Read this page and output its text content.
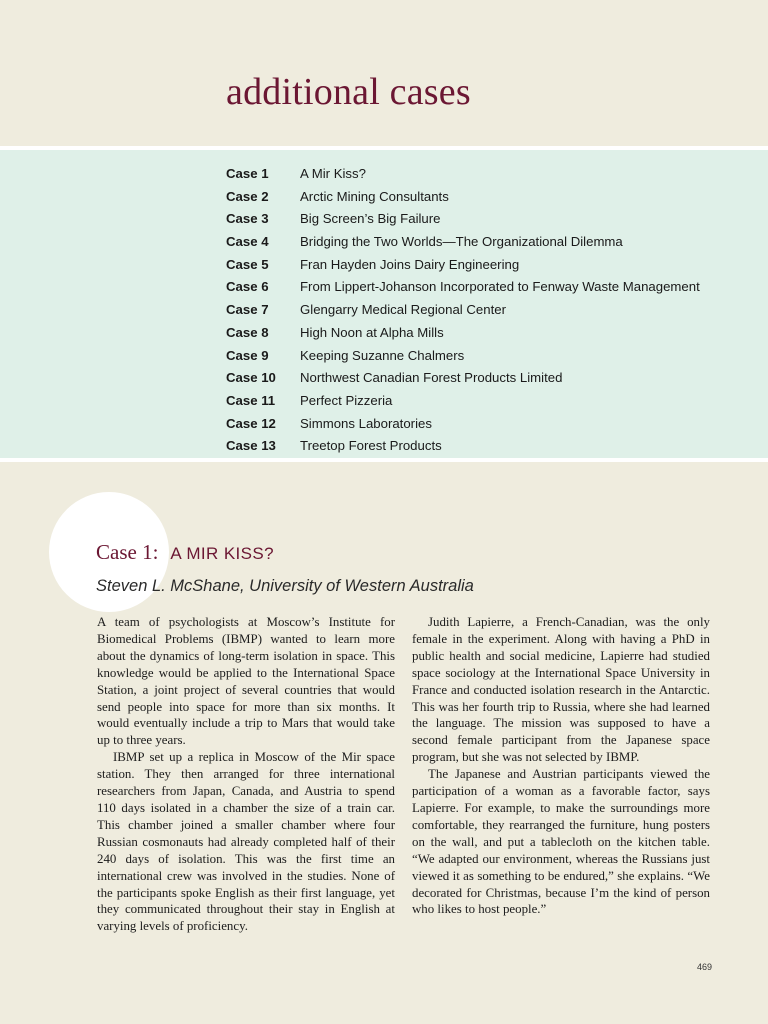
additional cases
Case 1 A Mir Kiss?
Case 2 Arctic Mining Consultants
Case 3 Big Screen’s Big Failure
Case 4 Bridging the Two Worlds—The Organizational Dilemma
Case 5 Fran Hayden Joins Dairy Engineering
Case 6 From Lippert-Johanson Incorporated to Fenway Waste Management
Case 7 Glengarry Medical Regional Center
Case 8 High Noon at Alpha Mills
Case 9 Keeping Suzanne Chalmers
Case 10 Northwest Canadian Forest Products Limited
Case 11 Perfect Pizzeria
Case 12 Simmons Laboratories
Case 13 Treetop Forest Products
Case 1: A MIR KISS?

Steven L. McShane, University of Western Australia

A team of psychologists at Moscow’s Institute for Biomedical Problems (IBMP) wanted to learn more about the dynamics of long-term isolation in space. This knowledge would be applied to the International Space Station, a joint project of several countries that would send people into space for more than six months. It would eventually include a trip to Mars that would take up to three years.

IBMP set up a replica in Moscow of the Mir space station. They then arranged for three international researchers from Japan, Canada, and Austria to spend 110 days isolated in a chamber the size of a train car. This chamber joined a smaller chamber where four Russian cosmonauts had already completed half of their 240 days of isolation. This was the first time an international crew was involved in the studies. None of the participants spoke English as their first language, yet they communicated throughout their stay in English at varying levels of proficiency.

Judith Lapierre, a French-Canadian, was the only female in the experiment. Along with having a PhD in public health and social medicine, Lapierre had studied space sociology at the International Space University in France and conducted isolation research in the Antarctic. This was her fourth trip to Russia, where she had learned the language. The mission was supposed to have a second female participant from the Japanese space program, but she was not selected by IBMP.

The Japanese and Austrian participants viewed the participation of a woman as a favorable factor, says Lapierre. For example, to make the surroundings more comfortable, they rearranged the furniture, hung posters on the wall, and put a tablecloth on the kitchen table. “We adapted our environment, whereas the Russians just viewed it as something to be endured,” she explains. “We decorated for Christmas, because I’m the kind of person who likes to host people.”

469
